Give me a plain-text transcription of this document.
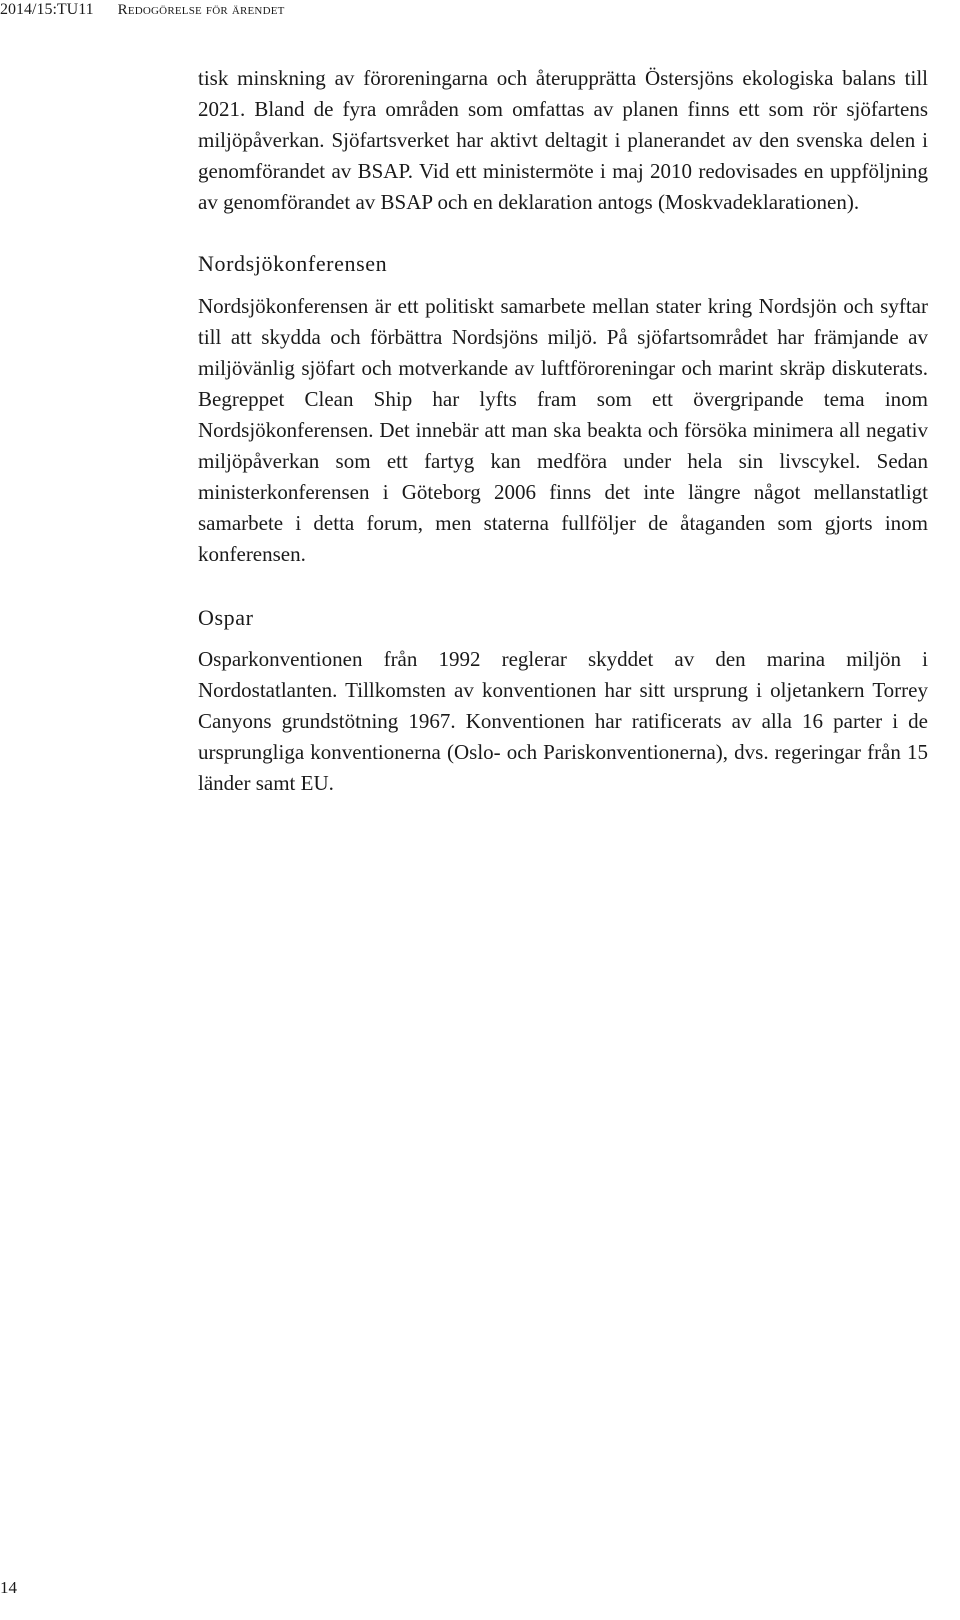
2014/15:TU11 Redogörelse för ärendet

tisk minskning av föroreningarna och återupprätta Östersjöns ekologiska balans till 2021. Bland de fyra områden som omfattas av planen finns ett som rör sjöfartens miljöpåverkan. Sjöfartsverket har aktivt deltagit i planerandet av den svenska delen i genomförandet av BSAP. Vid ett ministermöte i maj 2010 redovisades en uppföljning av genomförandet av BSAP och en deklaration antogs (Moskvadeklarationen).

Nordsjökonferensen

Nordsjökonferensen är ett politiskt samarbete mellan stater kring Nordsjön och syftar till att skydda och förbättra Nordsjöns miljö. På sjöfartsområdet har främjande av miljövänlig sjöfart och motverkande av luftföroreningar och marint skräp diskuterats. Begreppet Clean Ship har lyfts fram som ett övergripande tema inom Nordsjökonferensen. Det innebär att man ska beakta och försöka minimera all negativ miljöpåverkan som ett fartyg kan medföra under hela sin livscykel. Sedan ministerkonferensen i Göteborg 2006 finns det inte längre något mellanstatligt samarbete i detta forum, men staterna fullföljer de åtaganden som gjorts inom konferensen.

Ospar

Osparkonventionen från 1992 reglerar skyddet av den marina miljön i Nordostatlanten. Tillkomsten av konventionen har sitt ursprung i oljetankern Torrey Canyons grundstötning 1967. Konventionen har ratificerats av alla 16 parter i de ursprungliga konventionerna (Oslo- och Pariskonventionerna), dvs. regeringar från 15 länder samt EU.

14
